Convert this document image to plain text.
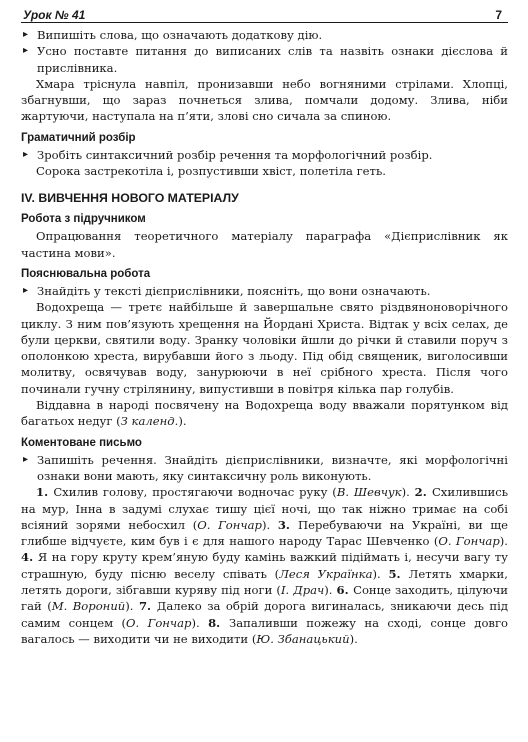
Урок № 41	7

▸ Випишіть слова, що означають додаткову дію.

▸ Усно поставте питання до виписаних слів та назвіть ознаки дієслова й прислівника.

Хмара тріснула навпіл, пронизавши небо вогняними стрілами. Хлопці, збагнувши, що зараз почнеться злива, помчали додому. Злива, ніби жартуючи, наступала на п’яти, злові сно сичала за спиною.

Граматичний розбір

▸ Зробіть синтаксичний розбір речення та морфологічний розбір.

Сорока застрекотіла і, розпустивши хвіст, полетіла геть.

IV. ВИВЧЕННЯ НОВОГО МАТЕРІАЛУ
Робота з підручником

Опрацювання теоретичного матеріалу параграфа «Дієприслівник як частина мови».

Пояснювальна робота

▸ Знайдіть у тексті дієприслівники, поясніть, що вони означають.

Водохреща — третє найбільше й завершальне свято різдвяноноворічного циклу. З ним пов’язують хрещення на Йордані Христа. Відтак у всіх селах, де були церкви, святили воду. Зранку чоловіки йшли до річки й ставили поруч з ополонкою хреста, вирубавши його з льоду. Під обід священик, виголосивши молитву, освячував воду, занурюючи в неї срібного хреста. Після чого починали гучну стрілянину, випустивши в повітря кілька пар голубів.

Віддавна в народі посвячену на Водохреща воду вважали порятунком від багатьох недуг (З календ.).

Коментоване письмо

▸ Запишіть речення. Знайдіть дієприслівники, визначте, які морфологічні ознаки вони мають, яку синтаксичну роль виконують.

1. Схилив голову, простягаючи водночас руку (В. Шевчук). 2. Схилившись на мур, Інна в задумі слухає тишу цієї ночі, що так ніжно тримає на собі всіяний зорями небосхил (О. Гончар). 3. Перебуваючи на Україні, ви ще глибше відчуєте, ким був і є для нашого народу Тарас Шевченко (О. Гончар). 4. Я на гору круту крем’яную буду камінь важкий підіймать і, несучи вагу ту страшную, буду пісню веселу співать (Леся Українка). 5. Летять хмарки, летять дороги, зібгавши куряву під ноги (І. Драч). 6. Сонце заходить, цілуючи гай (М. Вороний). 7. Далеко за обрій дорога вигиналась, зникаючи десь під самим сонцем (О. Гончар). 8. Запаливши пожежу на сході, сонце довго вагалось — виходити чи не виходити (Ю. Збанацький).
